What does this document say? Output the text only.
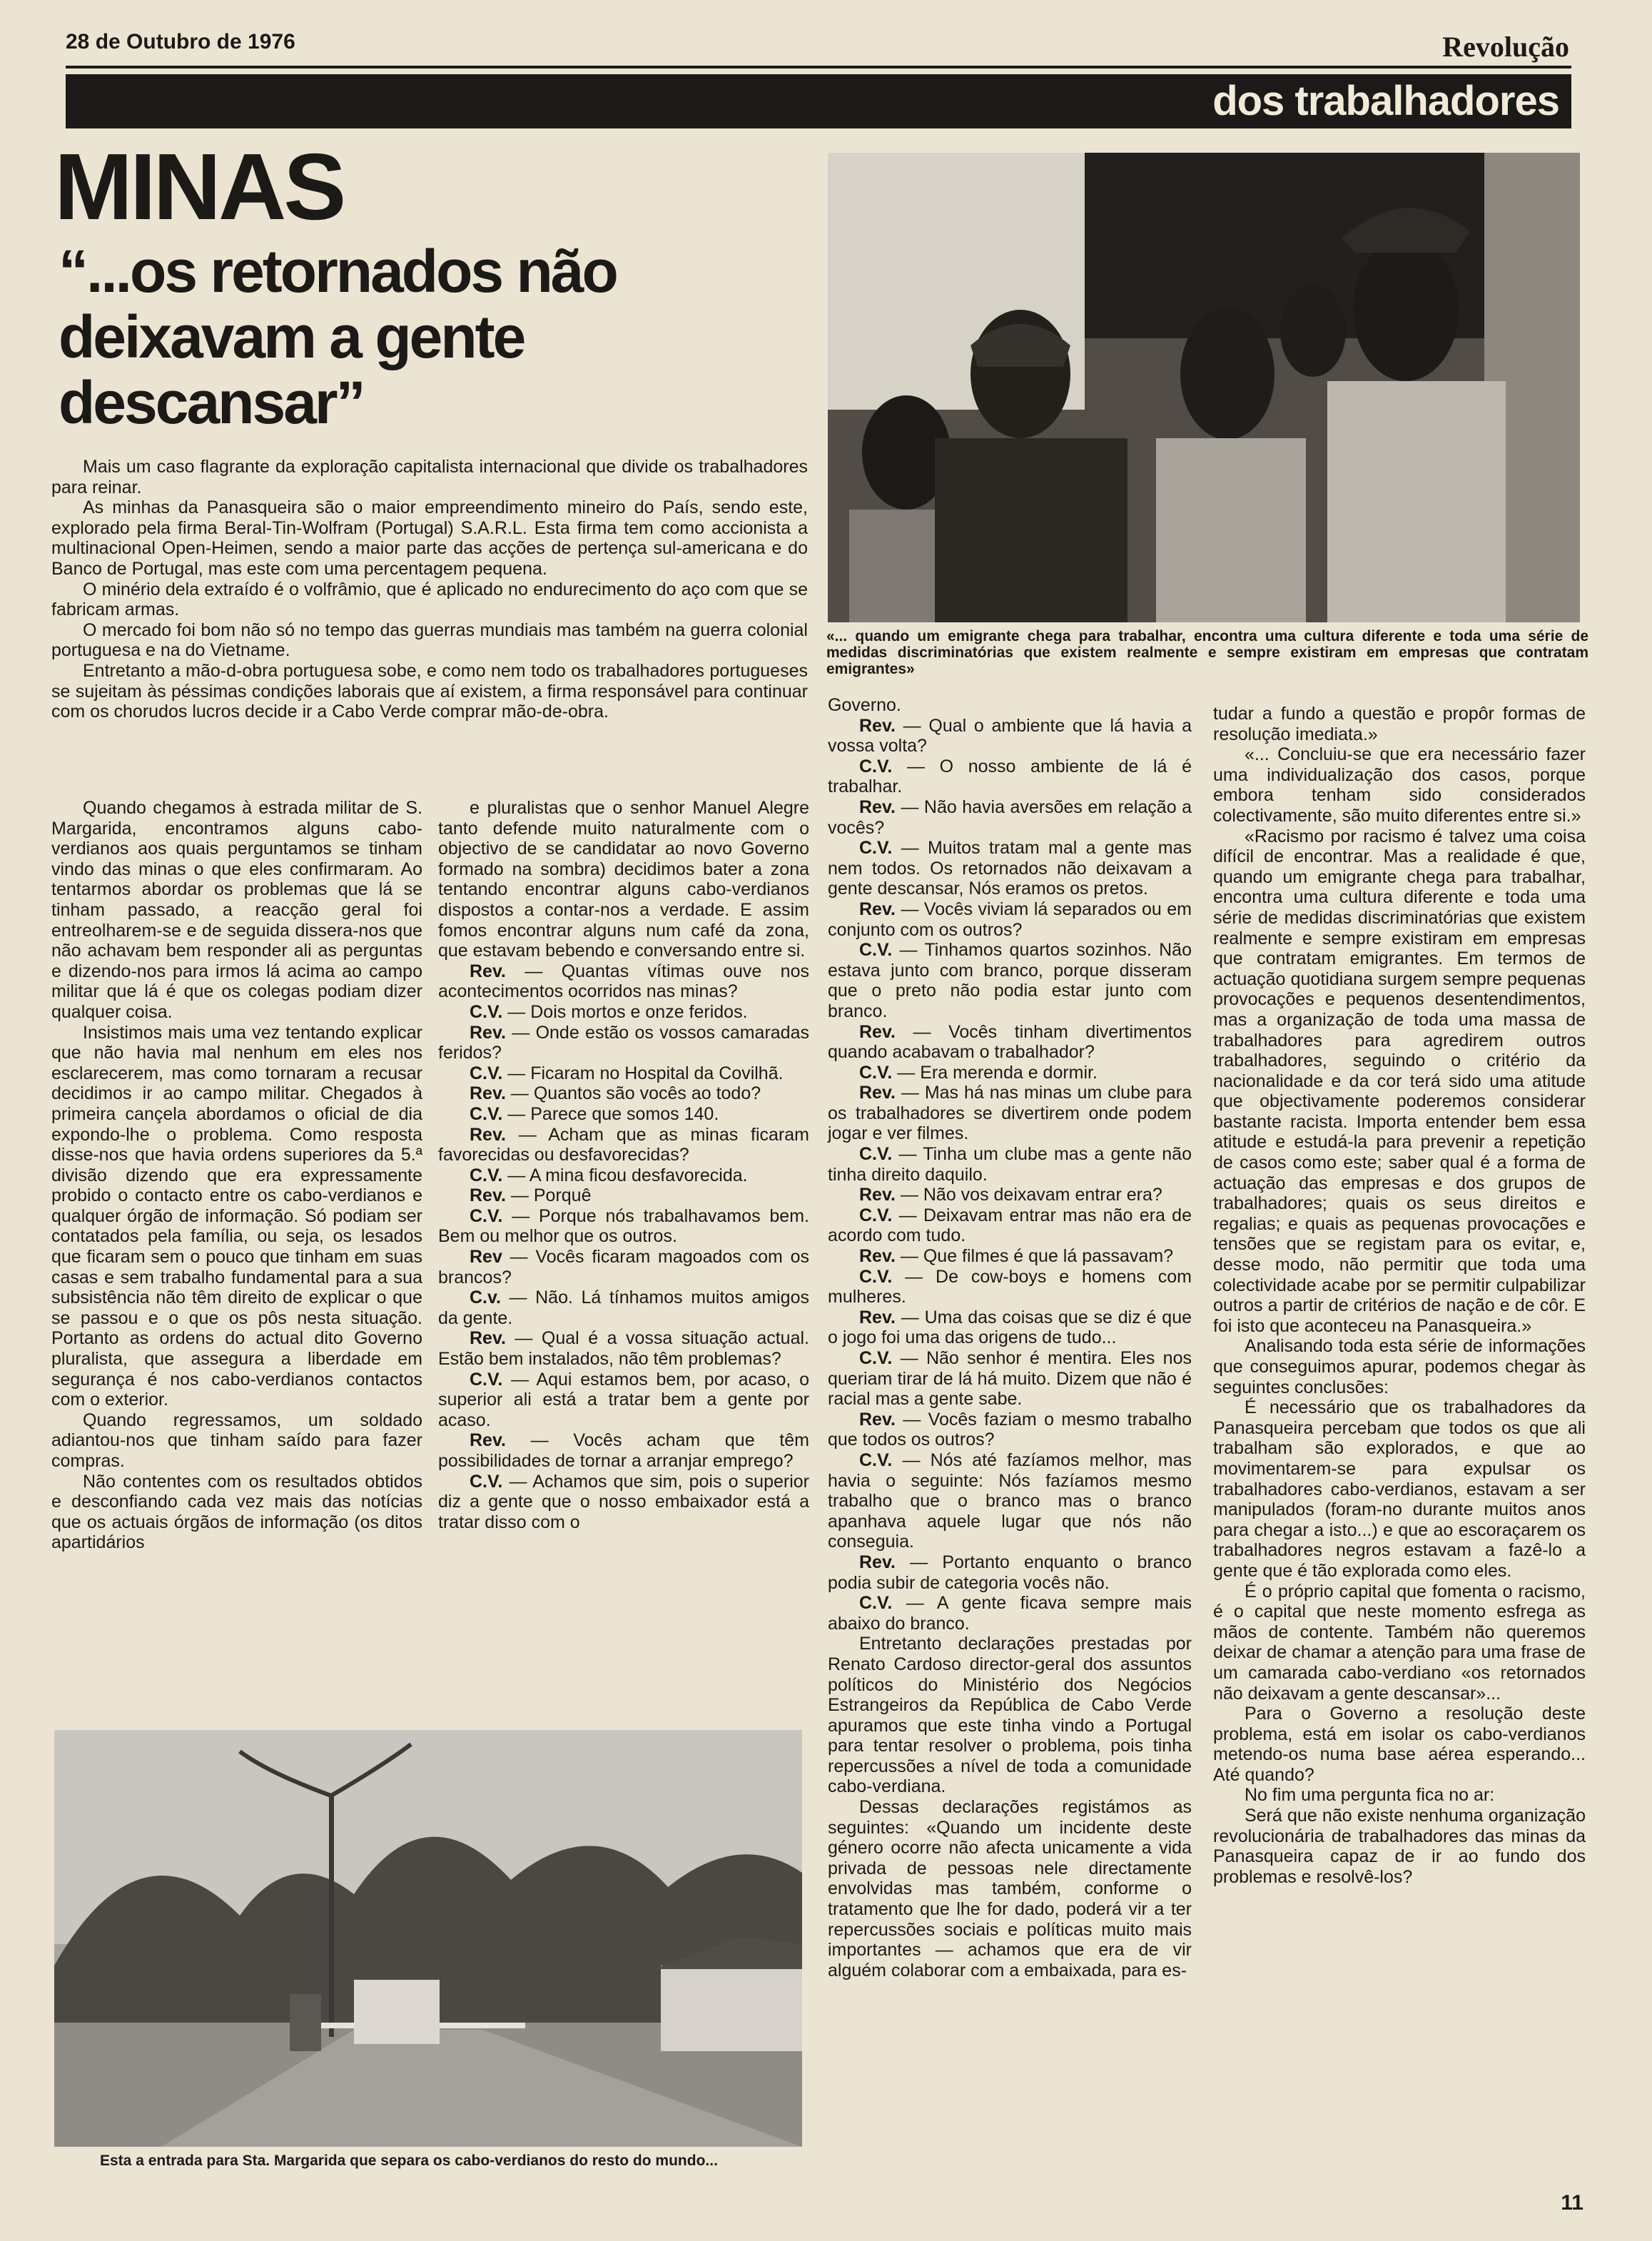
28 de Outubro de 1976	Revolução
dos trabalhadores
MINAS
“...os retornados não deixavam a gente descansar”

Mais um caso flagrante da exploração capitalista internacional que divide os trabalhadores para reinar.

As minhas da Panasqueira são o maior empreendimento mineiro do País, sendo este, explorado pela firma Beral-Tin-Wolfram (Portugal) S.A.R.L. Esta firma tem como accionista a multinacional Open-Heimen, sendo a maior parte das acções de pertença sul-americana e do Banco de Portugal, mas este com uma percentagem pequena.

O minério dela extraído é o volfrâmio, que é aplicado no endurecimento do aço com que se fabricam armas.

O mercado foi bom não só no tempo das guerras mundiais mas também na guerra colonial portuguesa e na do Vietname.

Entretanto a mão-d-obra portuguesa sobe, e como nem todo os trabalhadores portugueses se sujeitam às péssimas condições laborais que aí existem, a firma responsável para continuar com os chorudos lucros decide ir a Cabo Verde comprar mão-de-obra.

Quando chegamos à estrada militar de S. Margarida, encontramos alguns cabo-verdianos aos quais perguntamos se tinham vindo das minas o que eles confirmaram. Ao tentarmos abordar os problemas que lá se tinham passado, a reacção geral foi entreolharem-se e de seguida dissera-nos que não achavam bem responder ali as perguntas e dizendo-nos para irmos lá acima ao campo militar que lá é que os colegas podiam dizer qualquer coisa.

Insistimos mais uma vez tentando explicar que não havia mal nenhum em eles nos esclarecerem, mas como tornaram a recusar decidimos ir ao campo militar. Chegados à primeira cançela abordamos o oficial de dia expondo-lhe o problema. Como resposta disse-nos que havia ordens superiores da 5.ª divisão dizendo que era expressamente probido o contacto entre os cabo-verdianos e qualquer órgão de informação. Só podiam ser contatados pela família, ou seja, os lesados que ficaram sem o pouco que tinham em suas casas e sem trabalho fundamental para a sua subsistência não têm direito de explicar o que se passou e o que os pôs nesta situação. Portanto as ordens do actual dito Governo pluralista, que assegura a liberdade em segurança é nos cabo-verdianos contactos com o exterior.

Quando regressamos, um soldado adiantou-nos que tinham saído para fazer compras.

Não contentes com os resultados obtidos e desconfiando cada vez mais das notícias que os actuais órgãos de informação (os ditos apartidários

e pluralistas que o senhor Manuel Alegre tanto defende muito naturalmente com o objectivo de se candidatar ao novo Governo formado na sombra) decidimos bater a zona tentando encontrar alguns cabo-verdianos dispostos a contar-nos a verdade. E assim fomos encontrar alguns num café da zona, que estavam bebendo e conversando entre si.

Rev. — Quantas vítimas ouve nos acontecimentos ocorridos nas minas?

C.V. — Dois mortos e onze feridos.

Rev. — Onde estão os vossos camaradas feridos?

C.V. — Ficaram no Hospital da Covilhã.

Rev. — Quantos são vocês ao todo?

C.V. — Parece que somos 140.

Rev. — Acham que as minas ficaram favorecidas ou desfavorecidas?

C.V. — A mina ficou desfavorecida.

Rev. — Porquê

C.V. — Porque nós trabalhavamos bem. Bem ou melhor que os outros.

Rev — Vocês ficaram magoados com os brancos?

C.v. — Não. Lá tínhamos muitos amigos da gente.

Rev. — Qual é a vossa situação actual. Estão bem instalados, não têm problemas?

C.V. — Aqui estamos bem, por acaso, o superior ali está a tratar bem a gente por acaso.

Rev. — Vocês acham que têm possibilidades de tornar a arranjar emprego?

C.V. — Achamos que sim, pois o superior diz a gente que o nosso embaixador está a tratar disso com o

Governo.

Rev. — Qual o ambiente que lá havia a vossa volta?

C.V. — O nosso ambiente de lá é trabalhar.

Rev. — Não havia aversões em relação a vocês?

C.V. — Muitos tratam mal a gente mas nem todos. Os retornados não deixavam a gente descansar, Nós eramos os pretos.

Rev. — Vocês viviam lá separados ou em conjunto com os outros?

C.V. — Tinhamos quartos sozinhos. Não estava junto com branco, porque disseram que o preto não podia estar junto com branco.

Rev. — Vocês tinham divertimentos quando acabavam o trabalhador?

C.V. — Era merenda e dormir.

Rev. — Mas há nas minas um clube para os trabalhadores se divertirem onde podem jogar e ver filmes.

C.V. — Tinha um clube mas a gente não tinha direito daquilo.

Rev. — Não vos deixavam entrar era?

C.V. — Deixavam entrar mas não era de acordo com tudo.

Rev. — Que filmes é que lá passavam?

C.V. — De cow-boys e homens com mulheres.

Rev. — Uma das coisas que se diz é que o jogo foi uma das origens de tudo...

C.V. — Não senhor é mentira. Eles nos queriam tirar de lá há muito. Dizem que não é racial mas a gente sabe.

Rev. — Vocês faziam o mesmo trabalho que todos os outros?

C.V. — Nós até fazíamos melhor, mas havia o seguinte: Nós fazíamos mesmo trabalho que o branco mas o branco apanhava aquele lugar que nós não conseguia.

Rev. — Portanto enquanto o branco podia subir de categoria vocês não.

C.V. — A gente ficava sempre mais abaixo do branco.

Entretanto declarações prestadas por Renato Cardoso director-geral dos assuntos políticos do Ministério dos Negócios Estrangeiros da República de Cabo Verde apuramos que este tinha vindo a Portugal para tentar resolver o problema, pois tinha repercussões a nível de toda a comunidade cabo-verdiana.

Dessas declarações registámos as seguintes: «Quando um incidente deste género ocorre não afecta unicamente a vida privada de pessoas nele directamente envolvidas mas também, conforme o tratamento que lhe for dado, poderá vir a ter repercussões sociais e políticas muito mais importantes — achamos que era de vir alguém colaborar com a embaixada, para es-

tudar a fundo a questão e propôr formas de resolução imediata.»

«... Concluiu-se que era necessário fazer uma individualização dos casos, porque embora tenham sido considerados colectivamente, são muito diferentes entre si.»

«Racismo por racismo é talvez uma coisa difícil de encontrar. Mas a realidade é que, quando um emigrante chega para trabalhar, encontra uma cultura diferente e toda uma série de medidas discriminatórias que existem realmente e sempre existiram em empresas que contratam emigrantes. Em termos de actuação quotidiana surgem sempre pequenas provocações e pequenos desentendimentos, mas a organização de toda uma massa de trabalhadores para agredirem outros trabalhadores, seguindo o critério da nacionalidade e da cor terá sido uma atitude que objectivamente poderemos considerar bastante racista. Importa entender bem essa atitude e estudá-la para prevenir a repetição de casos como este; saber qual é a forma de actuação das empresas e dos grupos de trabalhadores; quais os seus direitos e regalias; e quais as pequenas provocações e tensões que se registam para os evitar, e, desse modo, não permitir que toda uma colectividade acabe por se permitir culpabilizar outros a partir de critérios de nação e de côr. E foi isto que aconteceu na Panasqueira.»

Analisando toda esta série de informações que conseguimos apurar, podemos chegar às seguintes conclusões:

É necessário que os trabalhadores da Panasqueira percebam que todos os que ali trabalham são explorados, e que ao movimentarem-se para expulsar os trabalhadores cabo-verdianos, estavam a ser manipulados (foram-no durante muitos anos para chegar a isto...) e que ao escoraçarem os trabalhadores negros estavam a fazê-lo a gente que é tão explorada como eles.

É o próprio capital que fomenta o racismo, é o capital que neste momento esfrega as mãos de contente. Também não queremos deixar de chamar a atenção para uma frase de um camarada cabo-verdiano «os retornados não deixavam a gente descansar»...

Para o Governo a resolução deste problema, está em isolar os cabo-verdianos metendo-os numa base aérea esperando... Até quando?

No fim uma pergunta fica no ar:

Será que não existe nenhuma organização revolucionária de trabalhadores das minas da Panasqueira capaz de ir ao fundo dos problemas e resolvê-los?

«... quando um emigrante chega para trabalhar, encontra uma cultura diferente e toda uma série de medidas discriminatórias que existem realmente e sempre existiram em empresas que contratam emigrantes»

Esta a entrada para Sta. Margarida que separa os cabo-verdianos do resto do mundo...
11
